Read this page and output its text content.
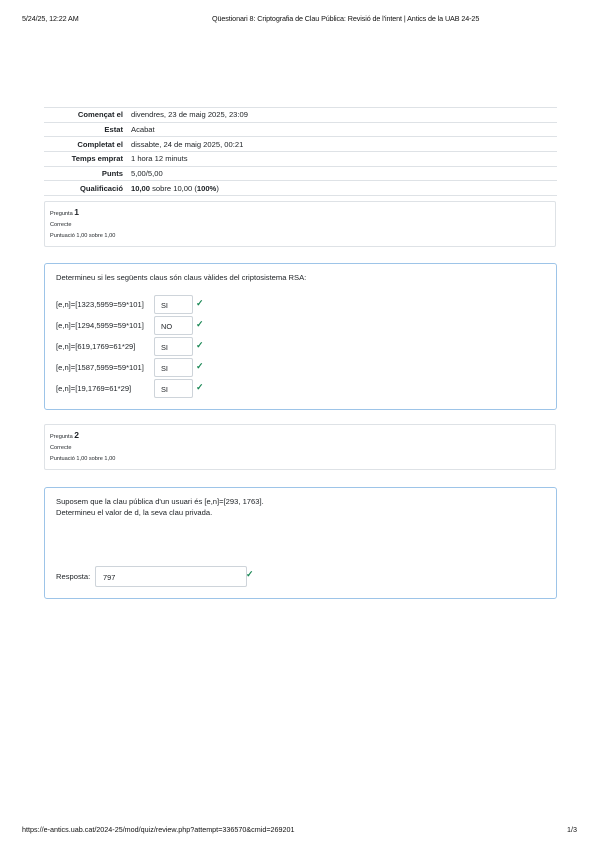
5/24/25, 12:22 AM	Qüestionari 8: Criptografia de Clau Pública: Revisió de l'intent | Antics de la UAB 24-25
Començat el	divendres, 23 de maig 2025, 23:09
Estat	Acabat
Completat el	dissabte, 24 de maig 2025, 00:21
Temps emprat	1 hora 12 minuts
Punts	5,00/5,00
Qualificació	10,00 sobre 10,00 (100%)
Pregunta 1
Correcte
Puntuació 1,00 sobre 1,00

Determineu si les següents claus són claus vàlides del criptosistema RSA:

[e,n]=[1323,5959=59*101]	SI	✓
[e,n]=[1294,5959=59*101]	NO	✓
[e,n]=[619,1769=61*29]	SI	✓
[e,n]=[1587,5959=59*101]	SI	✓
[e,n]=[19,1769=61*29]	SI	✓
Pregunta 2
Correcte
Puntuació 1,00 sobre 1,00

Suposem que la clau pública d'un usuari és [e,n]=[293, 1763].

Determineu el valor de d, la seva clau privada.

Resposta:	797	✓
https://e-antics.uab.cat/2024-25/mod/quiz/review.php?attempt=336570&cmid=269201	1/3
